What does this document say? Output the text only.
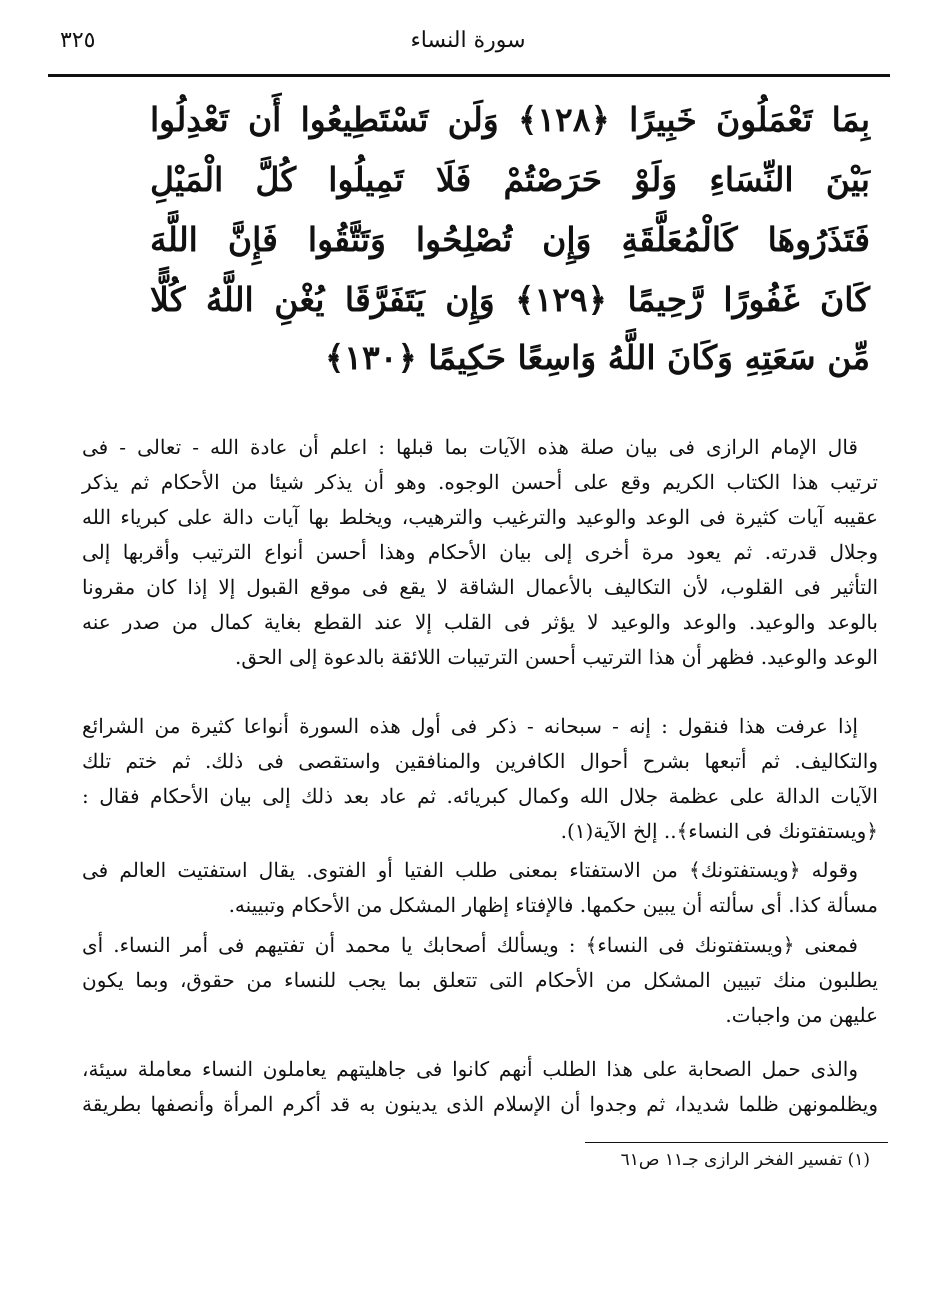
٣٢٥	سورة النساء
بِمَا تَعْمَلُونَ خَبِيرًا ﴿١٢٨﴾ وَلَن تَسْتَطِيعُوا أَن تَعْدِلُوا
بَيْنَ النِّسَاءِ وَلَوْ حَرَصْتُمْ فَلَا تَمِيلُوا كُلَّ الْمَيْلِ
فَتَذَرُوهَا كَالْمُعَلَّقَةِ وَإِن تُصْلِحُوا وَتَتَّقُوا فَإِنَّ اللَّهَ
كَانَ غَفُورًا رَّحِيمًا ﴿١٢٩﴾ وَإِن يَتَفَرَّقَا يُغْنِ اللَّهُ كُلًّا
مِّن سَعَتِهِ وَكَانَ اللَّهُ وَاسِعًا حَكِيمًا ﴿١٣٠﴾
قال الإمام الرازى فى بيان صلة هذه الآيات بما قبلها : اعلم أن عادة الله - تعالى - فى
ترتيب هذا الكتاب الكريم وقع على أحسن الوجوه. وهو أن يذكر شيئا من الأحكام ثم يذكر
عقيبه آيات كثيرة فى الوعد والوعيد والترغيب والترهيب، ويخلط بها آيات دالة على كبرياء الله
وجلال قدرته. ثم يعود مرة أخرى إلى بيان الأحكام وهذا أحسن أنواع الترتيب وأقربها إلى
التأثير فى القلوب، لأن التكاليف بالأعمال الشاقة لا يقع فى موقع القبول إلا إذا كان مقرونا
بالوعد والوعيد. والوعد والوعيد لا يؤثر فى القلب إلا عند القطع بغاية كمال من صدر عنه
الوعد والوعيد. فظهر أن هذا الترتيب أحسن الترتيبات اللائقة بالدعوة إلى الحق.
إذا عرفت هذا فنقول : إنه - سبحانه - ذكر فى أول هذه السورة أنواعا كثيرة من الشرائع
والتكاليف. ثم أتبعها بشرح أحوال الكافرين والمنافقين واستقصى فى ذلك. ثم ختم تلك
الآيات الدالة على عظمة جلال الله وكمال كبريائه. ثم عاد بعد ذلك إلى بيان الأحكام فقال :
﴿ويستفتونك فى النساء﴾.. إلخ الآية(١).
وقوله ﴿ويستفتونك﴾ من الاستفتاء بمعنى طلب الفتيا أو الفتوى. يقال استفتيت العالم فى
مسألة كذا. أى سألته أن يبين حكمها. فالإفتاء إظهار المشكل من الأحكام وتبيينه.
فمعنى ﴿ويستفتونك فى النساء﴾ : ويسألك أصحابك يا محمد أن تفتيهم فى أمر النساء. أى
يطلبون منك تبيين المشكل من الأحكام التى تتعلق بما يجب للنساء من حقوق، وبما يكون
عليهن من واجبات.
والذى حمل الصحابة على هذا الطلب أنهم كانوا فى جاهليتهم يعاملون النساء معاملة سيئة،
ويظلمونهن ظلما شديدا، ثم وجدوا أن الإسلام الذى يدينون به قد أكرم المرأة وأنصفها بطريقة
(١) تفسير الفخر الرازى جـ١١ ص٦١
